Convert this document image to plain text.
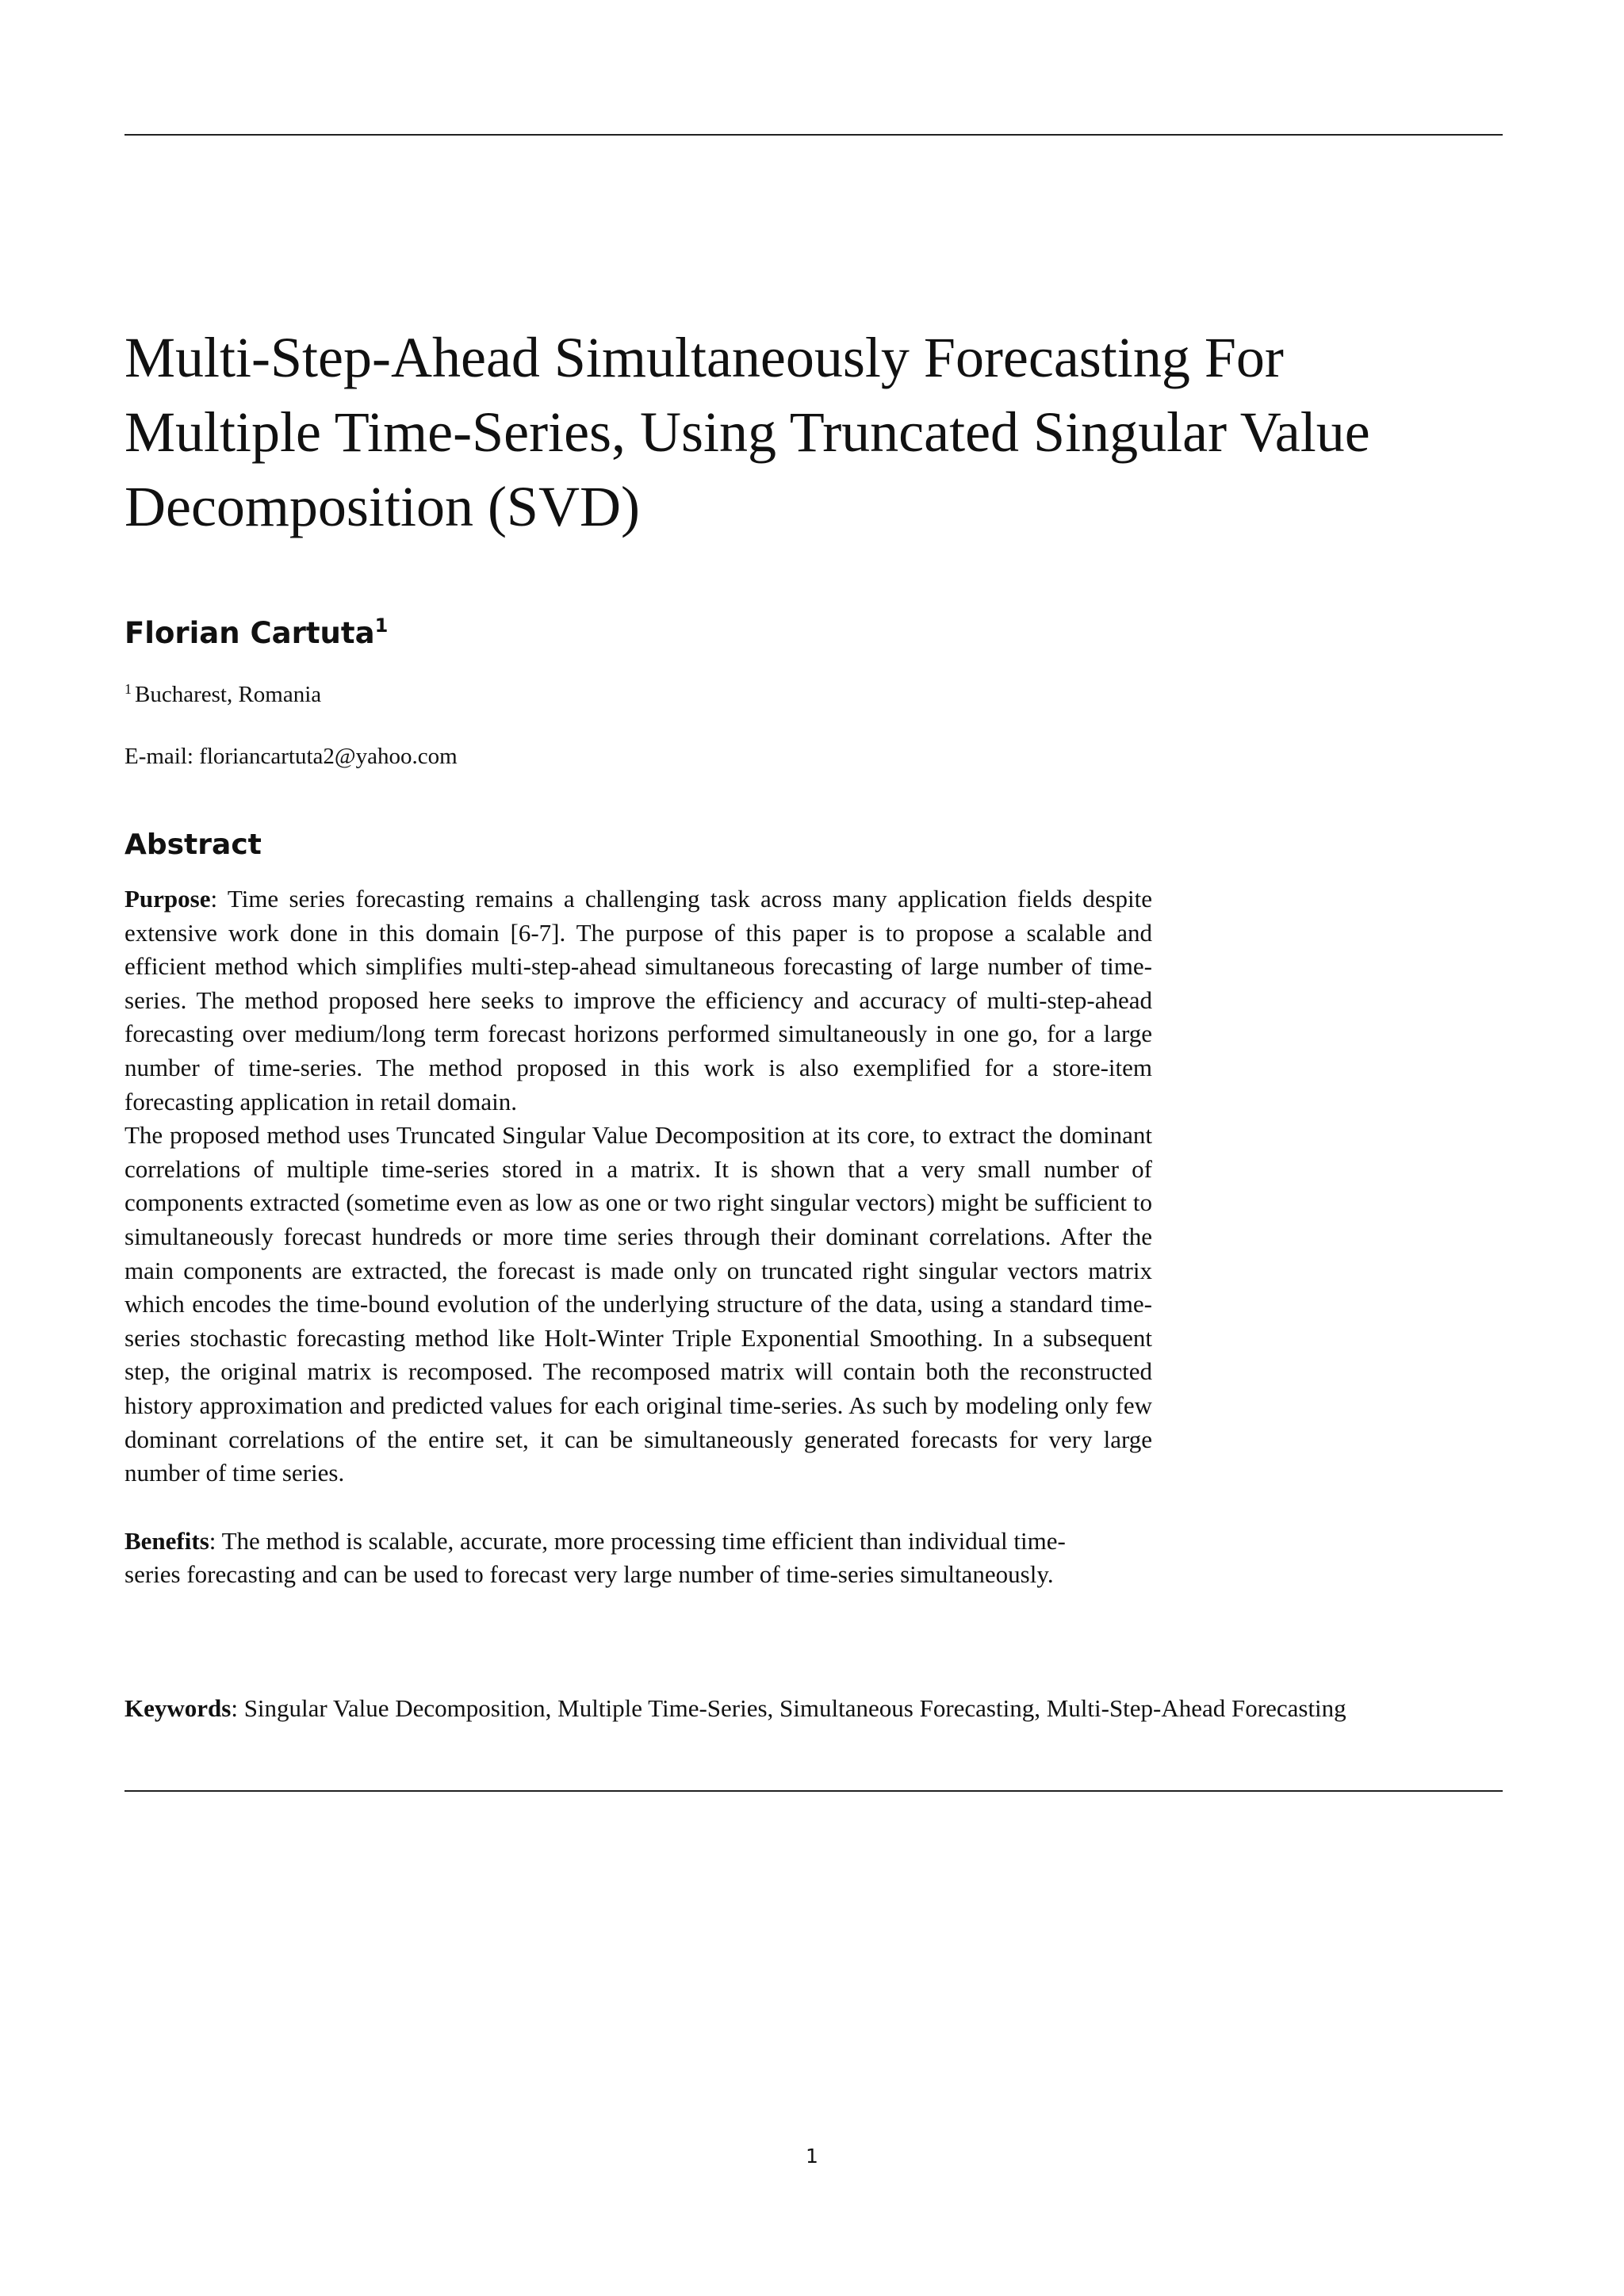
Multi-Step-Ahead Simultaneously Forecasting For
Multiple Time-Series, Using Truncated Singular Value
Decomposition (SVD)
Florian Cartuta$^1$
$^1$ Bucharest, Romania
E-mail: floriancartuta2@yahoo.com
Abstract

Purpose: Time series forecasting remains a challenging task across many application fields despite extensive work done in this domain [6-7]. The purpose of this paper is to propose a scalable and efficient method which simplifies multi-step-ahead simultaneous forecasting of large number of time-series. The method proposed here seeks to improve the efficiency and accuracy of multi-step-ahead forecasting over medium/long term forecast horizons performed simultaneously in one go, for a large number of time-series. The method proposed in this work is also exemplified for a store-item forecasting application in retail domain.

The proposed method uses Truncated Singular Value Decomposition at its core, to extract the dominant correlations of multiple time-series stored in a matrix. It is shown that a very small number of components extracted (sometime even as low as one or two right singular vectors) might be sufficient to simultaneously forecast hundreds or more time series through their dominant correlations. After the main components are extracted, the forecast is made only on truncated right singular vectors matrix which encodes the time-bound evolution of the underlying structure of the data, using a standard time-series stochastic forecasting method like Holt-Winter Triple Exponential Smoothing. In a subsequent step, the original matrix is recomposed. The recomposed matrix will contain both the reconstructed history approximation and predicted values for each original time-series. As such by modeling only few dominant correlations of the entire set, it can be simultaneously generated forecasts for very large number of time series.

Benefits: The method is scalable, accurate, more processing time efficient than individual time-series forecasting and can be used to forecast very large number of time-series simultaneously.

Keywords: Singular Value Decomposition, Multiple Time-Series, Simultaneous Forecasting, Multi-Step-Ahead Forecasting
1
